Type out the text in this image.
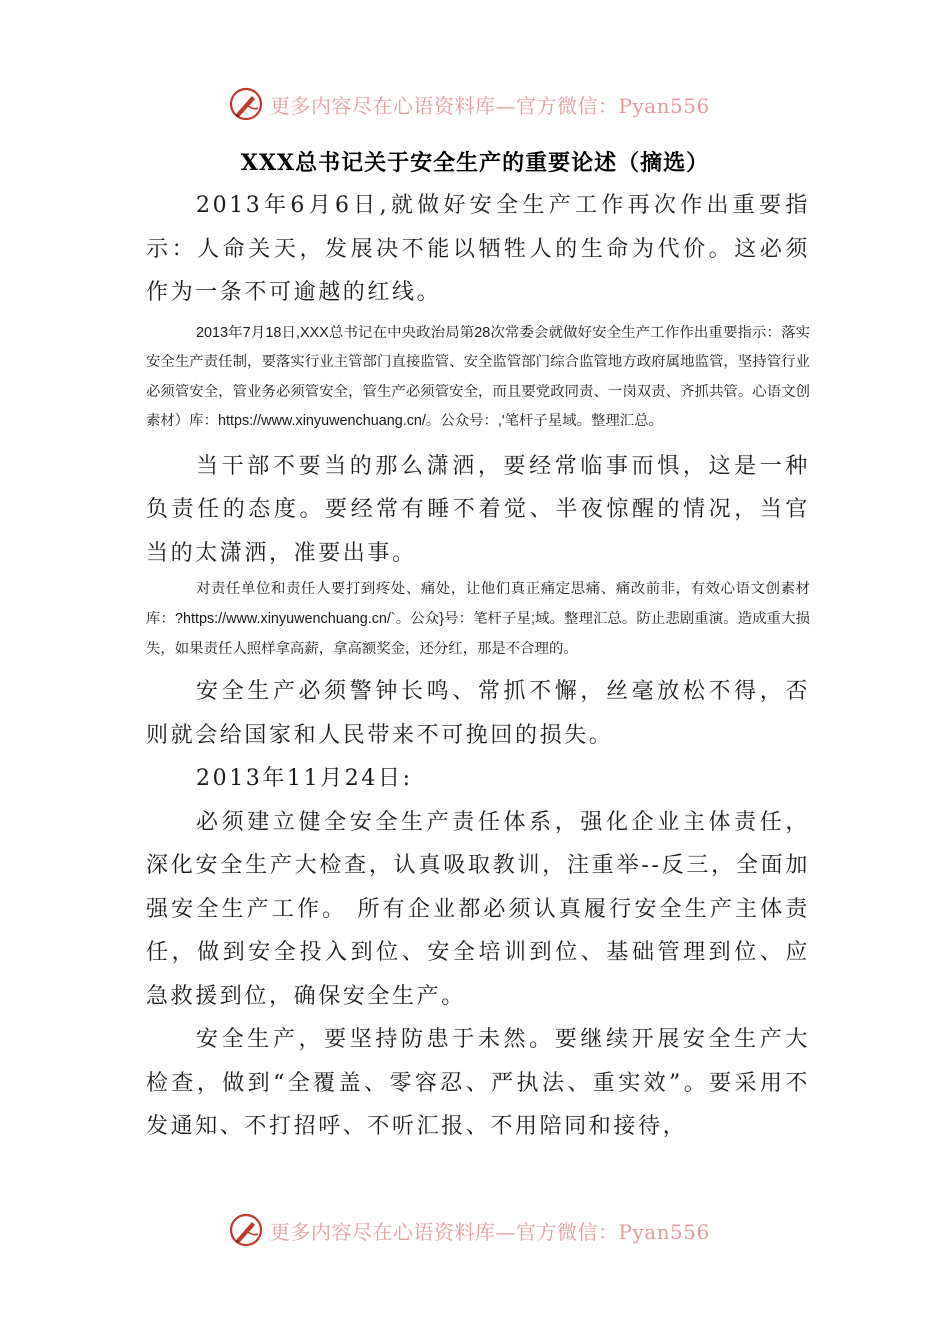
更多内容尽在心语资料库—官方微信：Pyan556
XXX总书记关于安全生产的重要论述（摘选）

2013年6月6日,就做好安全生产工作再次作出重要指示：人命关天，发展决不能以牺牲人的生命为代价。这必须作为一条不可逾越的红线。

2013年7月18日,XXX总书记在中央政治局第28次常委会就做好安全生产工作作出重要指示：落实安全生产责任制，要落实行业主管部门直接监管、安全监管部门综合监管地方政府属地监管，坚持管行业必须管安全，管业务必须管安全，管生产必须管安全，而且要党政同责、一岗双责、齐抓共管。心语文创素材）库：https://www.xinyuwenchuang.cn/。公众号：,'笔杆子星域。整理汇总。

当干部不要当的那么潇洒，要经常临事而惧，这是一种负责任的态度。要经常有睡不着觉、半夜惊醒的情况，当官当的太潇洒，准要出事。

对责任单位和责任人要打到疼处、痛处，让他们真正痛定思痛、痛改前非，有效心语文创素材库：?https://www.xinyuwenchuang.cn/`。公众}号：笔杆子星;域。整理汇总。防止悲剧重演。造成重大损失，如果责任人照样拿高薪，拿高额奖金，还分红，那是不合理的。

安全生产必须警钟长鸣、常抓不懈，丝毫放松不得，否则就会给国家和人民带来不可挽回的损失。

2013年11月24日:

必须建立健全安全生产责任体系，强化企业主体责任，深化安全生产大检查，认真吸取教训，注重举--反三，全面加强安全生产工作。 所有企业都必须认真履行安全生产主体责任，做到安全投入到位、安全培训到位、基础管理到位、应急救援到位，确保安全生产。

安全生产，要坚持防患于未然。要继续开展安全生产大检查，做到“全覆盖、零容忍、严执法、重实效”。要采用不发通知、不打招呼、不听汇报、不用陪同和接待，

更多内容尽在心语资料库—官方微信：Pyan556
